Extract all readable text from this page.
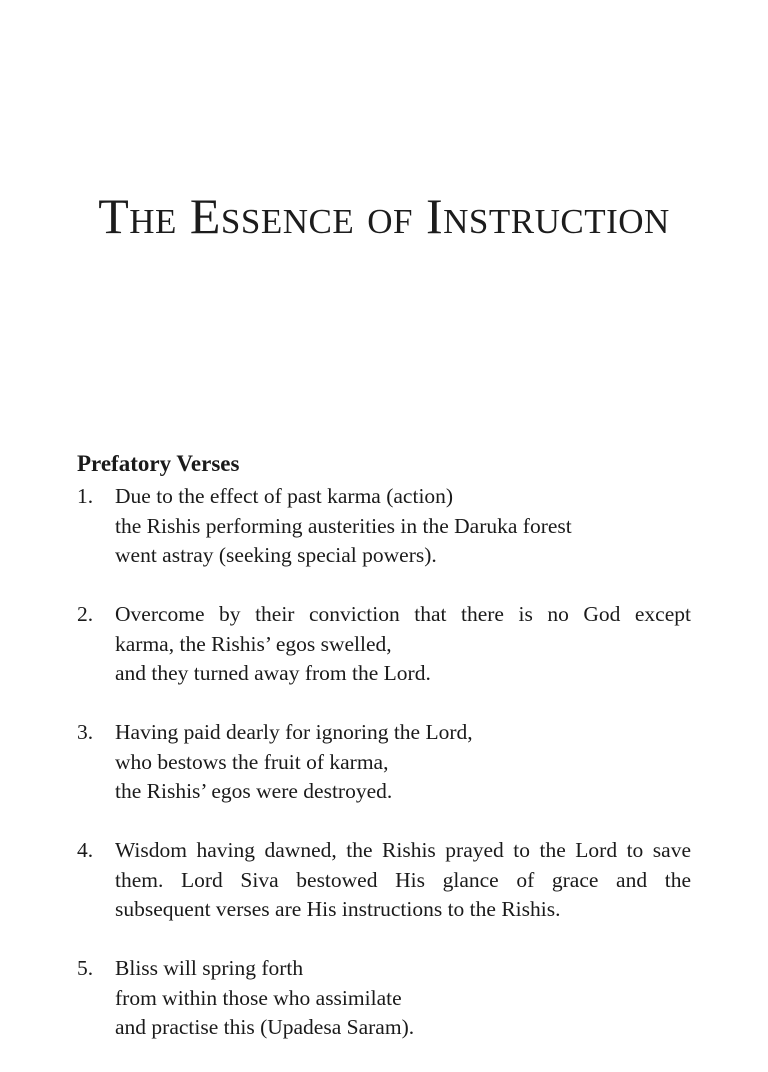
The Essence of Instruction
Prefatory Verses
1. Due to the effect of past karma (action)
the Rishis performing austerities in the Daruka forest
went astray (seeking special powers).
2. Overcome by their conviction that there is no God except
karma, the Rishis’ egos swelled,
and they turned away from the Lord.
3. Having paid dearly for ignoring the Lord,
who bestows the fruit of karma,
the Rishis’ egos were destroyed.
4. Wisdom having dawned, the Rishis prayed to the Lord to save
them. Lord Siva bestowed His glance of grace and the
subsequent verses are His instructions to the Rishis.
5. Bliss will spring forth
from within those who assimilate
and practise this (Upadesa Saram).
